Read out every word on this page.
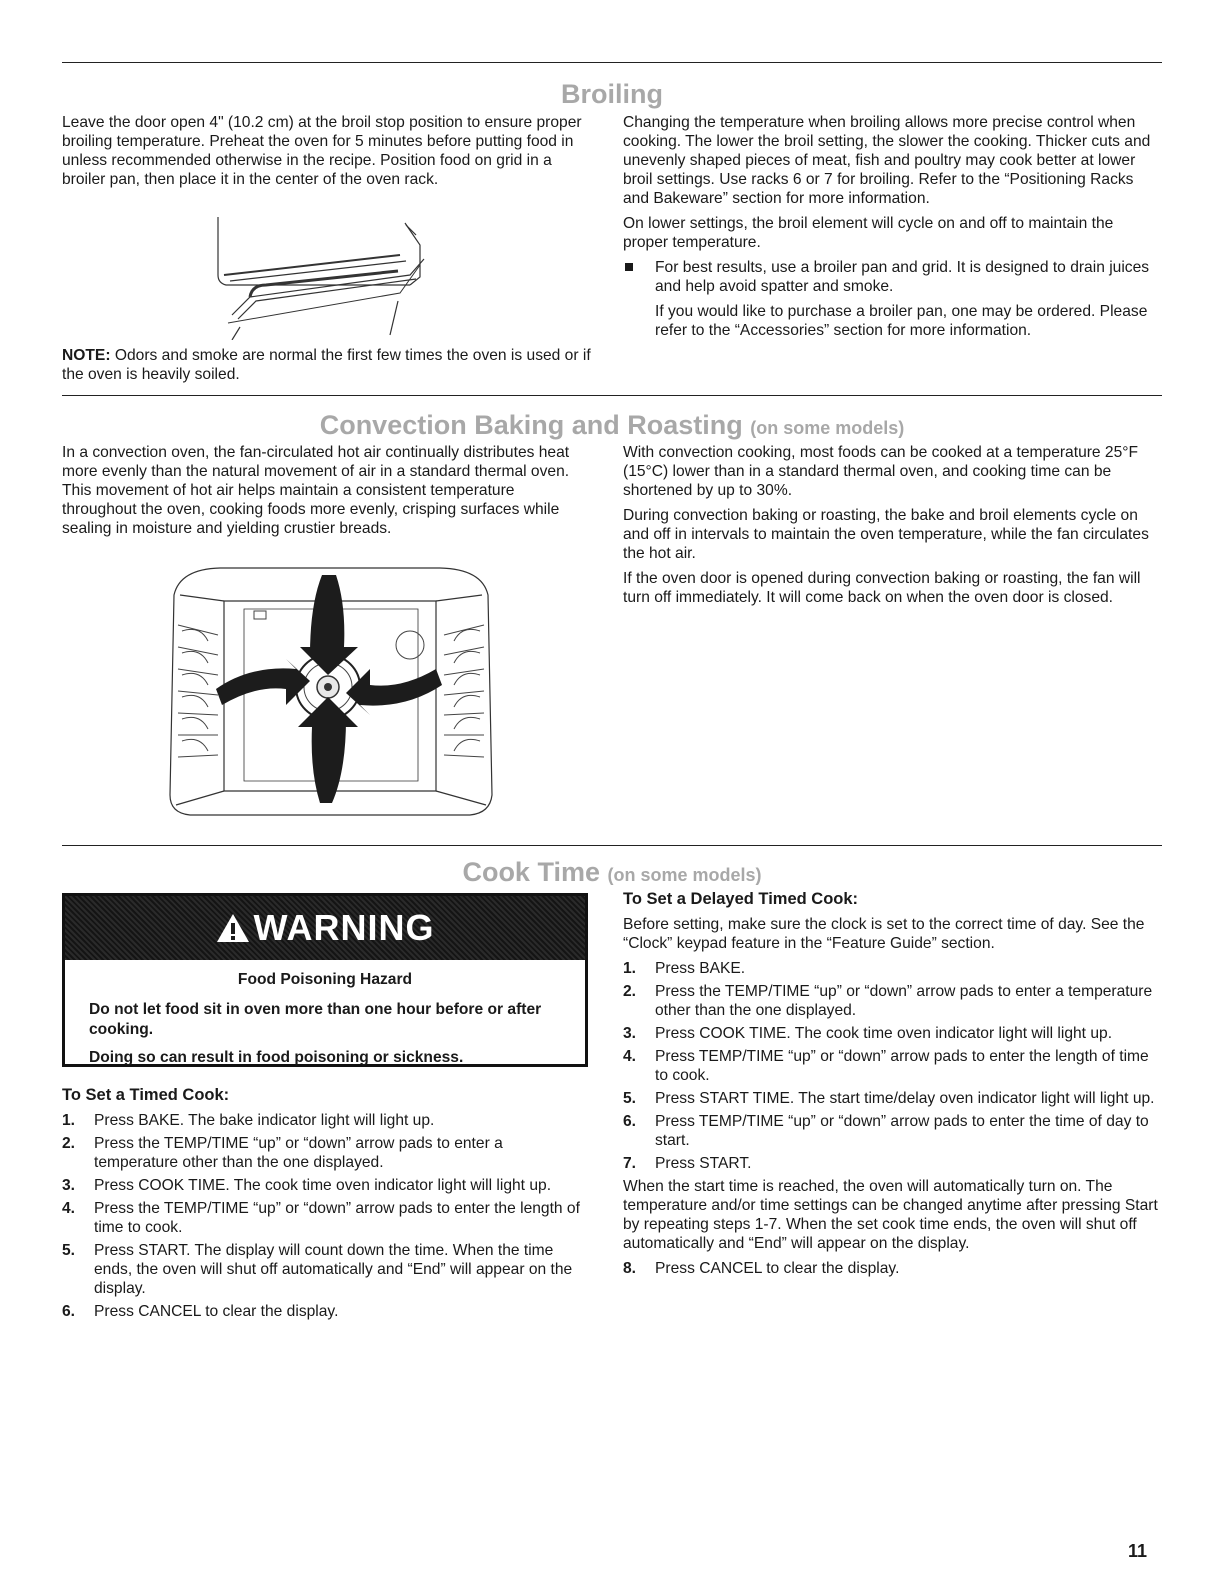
Broiling

Leave the door open 4" (10.2 cm) at the broil stop position to ensure proper broiling temperature. Preheat the oven for 5 minutes before putting food in unless recommended otherwise in the recipe. Position food on grid in a broiler pan, then place it in the center of the oven rack.

NOTE: Odors and smoke are normal the first few times the oven is used or if the oven is heavily soiled.

Changing the temperature when broiling allows more precise control when cooking. The lower the broil setting, the slower the cooking. Thicker cuts and unevenly shaped pieces of meat, fish and poultry may cook better at lower broil settings. Use racks 6 or 7 for broiling. Refer to the “Positioning Racks and Bakeware” section for more information.

On lower settings, the broil element will cycle on and off to maintain the proper temperature.

For best results, use a broiler pan and grid. It is designed to drain juices and help avoid spatter and smoke.

If you would like to purchase a broiler pan, one may be ordered. Please refer to the “Accessories” section for more information.

Convection Baking and Roasting (on some models)

In a convection oven, the fan-circulated hot air continually distributes heat more evenly than the natural movement of air in a standard thermal oven. This movement of hot air helps maintain a consistent temperature throughout the oven, cooking foods more evenly, crisping surfaces while sealing in moisture and yielding crustier breads.

With convection cooking, most foods can be cooked at a temperature 25°F (15°C) lower than in a standard thermal oven, and cooking time can be shortened by up to 30%.

During convection baking or roasting, the bake and broil elements cycle on and off in intervals to maintain the oven temperature, while the fan circulates the hot air.

If the oven door is opened during convection baking or roasting, the fan will turn off immediately. It will come back on when the oven door is closed.

Cook Time (on some models)
WARNING

Food Poisoning Hazard

Do not let food sit in oven more than one hour before or after cooking.

Doing so can result in food poisoning or sickness.

To Set a Timed Cook:

1. Press BAKE. The bake indicator light will light up.
2. Press the TEMP/TIME “up” or “down” arrow pads to enter a temperature other than the one displayed.
3. Press COOK TIME. The cook time oven indicator light will light up.
4. Press the TEMP/TIME “up” or “down” arrow pads to enter the length of time to cook.
5. Press START. The display will count down the time. When the time ends, the oven will shut off automatically and “End” will appear on the display.
6. Press CANCEL to clear the display.

To Set a Delayed Timed Cook:

Before setting, make sure the clock is set to the correct time of day. See the “Clock” keypad feature in the “Feature Guide” section.

1. Press BAKE.
2. Press the TEMP/TIME “up” or “down” arrow pads to enter a temperature other than the one displayed.
3. Press COOK TIME. The cook time oven indicator light will light up.
4. Press TEMP/TIME “up” or “down” arrow pads to enter the length of time to cook.
5. Press START TIME. The start time/delay oven indicator light will light up.
6. Press TEMP/TIME “up” or “down” arrow pads to enter the time of day to start.
7. Press START.

When the start time is reached, the oven will automatically turn on. The temperature and/or time settings can be changed anytime after pressing Start by repeating steps 1-7. When the set cook time ends, the oven will shut off automatically and “End” will appear on the display.

8. Press CANCEL to clear the display.
11
